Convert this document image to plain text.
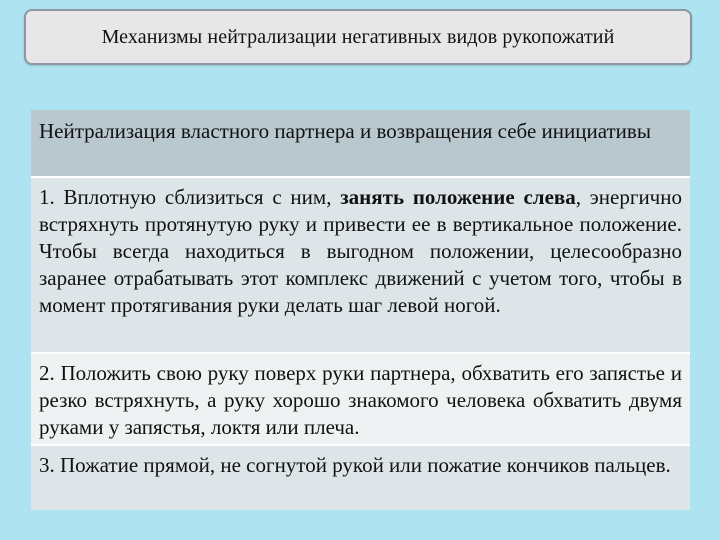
Механизмы нейтрализации негативных видов рукопожатий
Нейтрализация властного партнера и возвращения себе инициативы
1. Вплотную сблизиться с ним, занять положение слева, энергично встряхнуть протянутую руку и привести ее в вертикальное положение. Чтобы всегда находиться в выгодном положении, целесообразно заранее отрабатывать этот комплекс движений с учетом того, чтобы в момент протягивания руки делать шаг левой ногой.
2. Положить свою руку поверх руки партнера, обхватить его запястье и резко встряхнуть, а руку хорошо знакомого человека обхватить двумя руками у запястья, локтя или плеча.
3. Пожатие прямой, не согнутой рукой или пожатие кончиков пальцев.
